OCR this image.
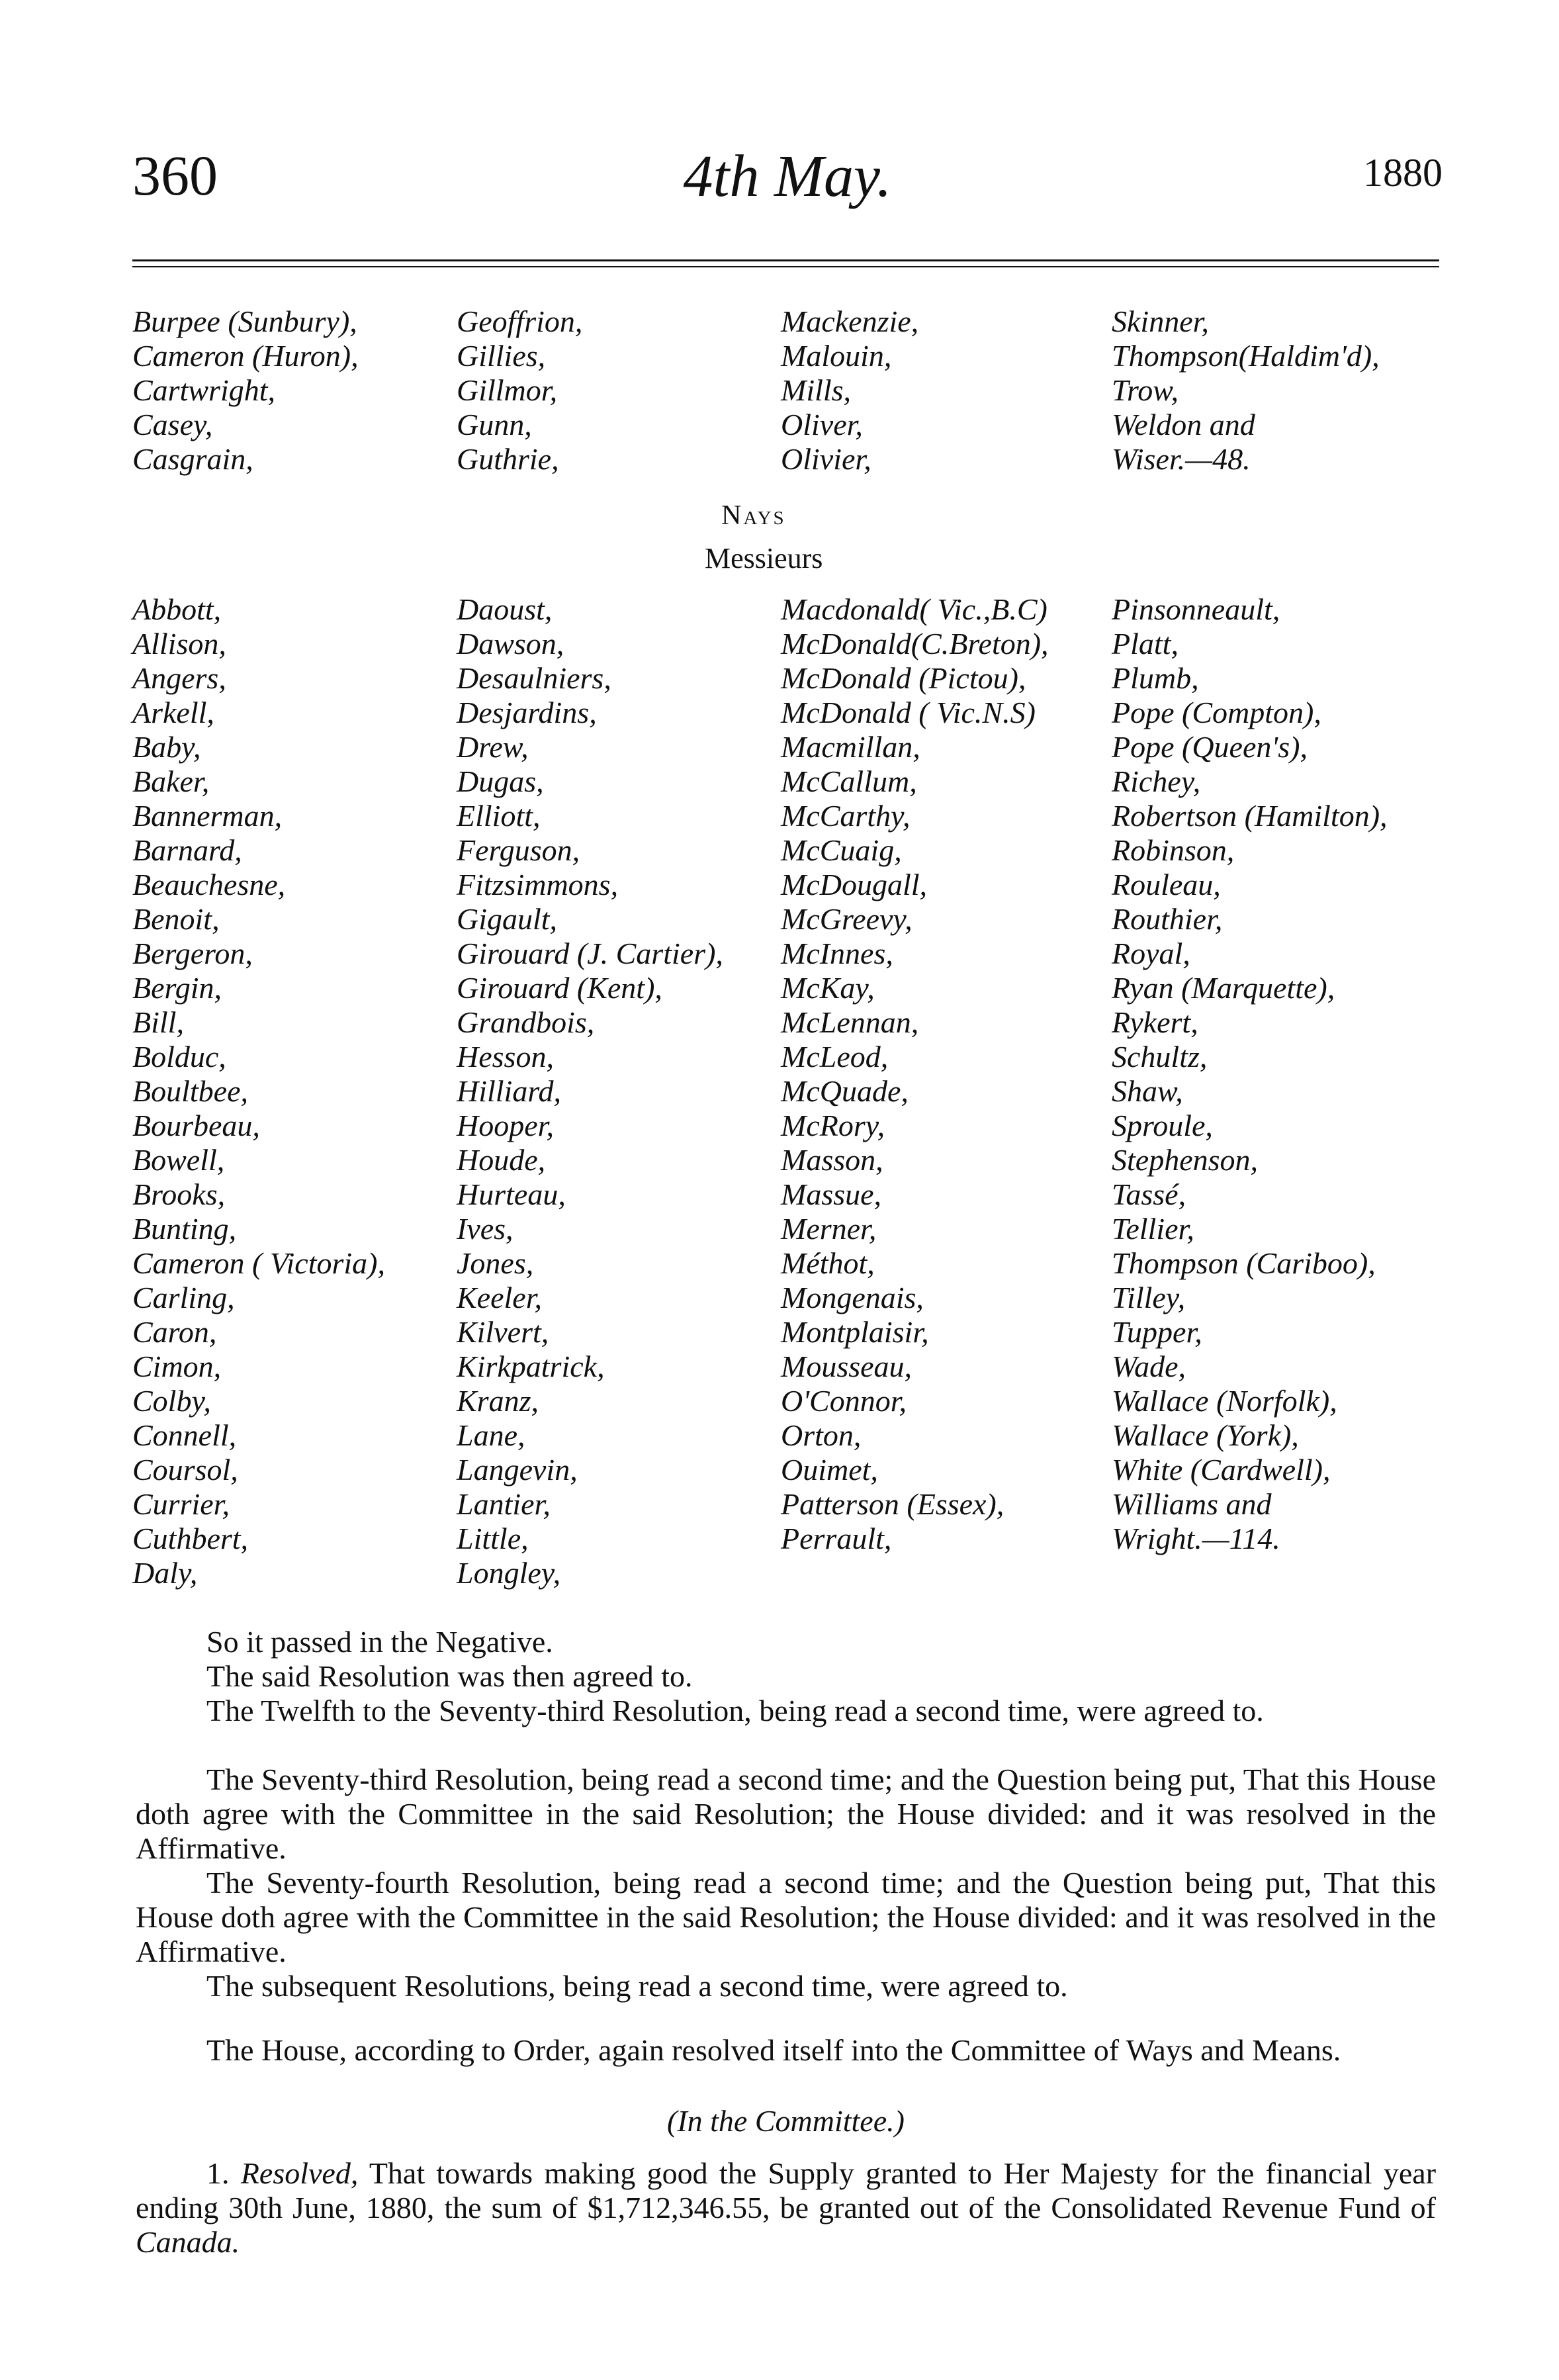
360	4th May.	1880
Burpee (Sunbury),
Cameron (Huron),
Cartwright,
Casey,
Casgrain,
Geoffrion,
Gillies,
Gillmor,
Gunn,
Guthrie,
Mackenzie,
Malouin,
Mills,
Oliver,
Olivier,
Skinner,
Thompson(Haldim'd),
Trow,
Weldon and
Wiser.—48.
Nays
Messieurs
Abbott,
Allison,
Angers,
Arkell,
Baby,
Baker,
Bannerman,
Barnard,
Beauchesne,
Benoit,
Bergeron,
Bergin,
Bill,
Bolduc,
Boultbee,
Bourbeau,
Bowell,
Brooks,
Bunting,
Cameron ( Victoria),
Carling,
Caron,
Cimon,
Colby,
Connell,
Coursol,
Currier,
Cuthbert,
Daly,
Daoust,
Dawson,
Desaulniers,
Desjardins,
Drew,
Dugas,
Elliott,
Ferguson,
Fitzsimmons,
Gigault,
Girouard (J. Cartier),
Girouard (Kent),
Grandbois,
Hesson,
Hilliard,
Hooper,
Houde,
Hurteau,
Ives,
Jones,
Keeler,
Kilvert,
Kirkpatrick,
Kranz,
Lane,
Langevin,
Lantier,
Little,
Longley,
Macdonald( Vic.,B.C)
McDonald(C.Breton),
McDonald (Pictou),
McDonald ( Vic.N.S)
Macmillan,
McCallum,
McCarthy,
McCuaig,
McDougall,
McGreevy,
McInnes,
McKay,
McLennan,
McLeod,
McQuade,
McRory,
Masson,
Massue,
Merner,
Méthot,
Mongenais,
Montplaisir,
Mousseau,
O'Connor,
Orton,
Ouimet,
Patterson (Essex),
Perrault,
Pinsonneault,
Platt,
Plumb,
Pope (Compton),
Pope (Queen's),
Richey,
Robertson (Hamilton),
Robinson,
Rouleau,
Routhier,
Royal,
Ryan (Marquette),
Rykert,
Schultz,
Shaw,
Sproule,
Stephenson,
Tassé,
Tellier,
Thompson (Cariboo),
Tilley,
Tupper,
Wade,
Wallace (Norfolk),
Wallace (York),
White (Cardwell),
Williams and
Wright.—114.
So it passed in the Negative.
The said Resolution was then agreed to.
The Twelfth to the Seventy-third Resolution, being read a second time, were agreed to.
The Seventy-third Resolution, being read a second time; and the Question being put, That this House doth agree with the Committee in the said Resolution; the House divided: and it was resolved in the Affirmative.
The Seventy-fourth Resolution, being read a second time; and the Question being put, That this House doth agree with the Committee in the said Resolution; the House divided: and it was resolved in the Affirmative.
The subsequent Resolutions, being read a second time, were agreed to.
The House, according to Order, again resolved itself into the Committee of Ways and Means.
(In the Committee.)
1. Resolved, That towards making good the Supply granted to Her Majesty for the financial year ending 30th June, 1880, the sum of $1,712,346.55, be granted out of the Consolidated Revenue Fund of Canada.
